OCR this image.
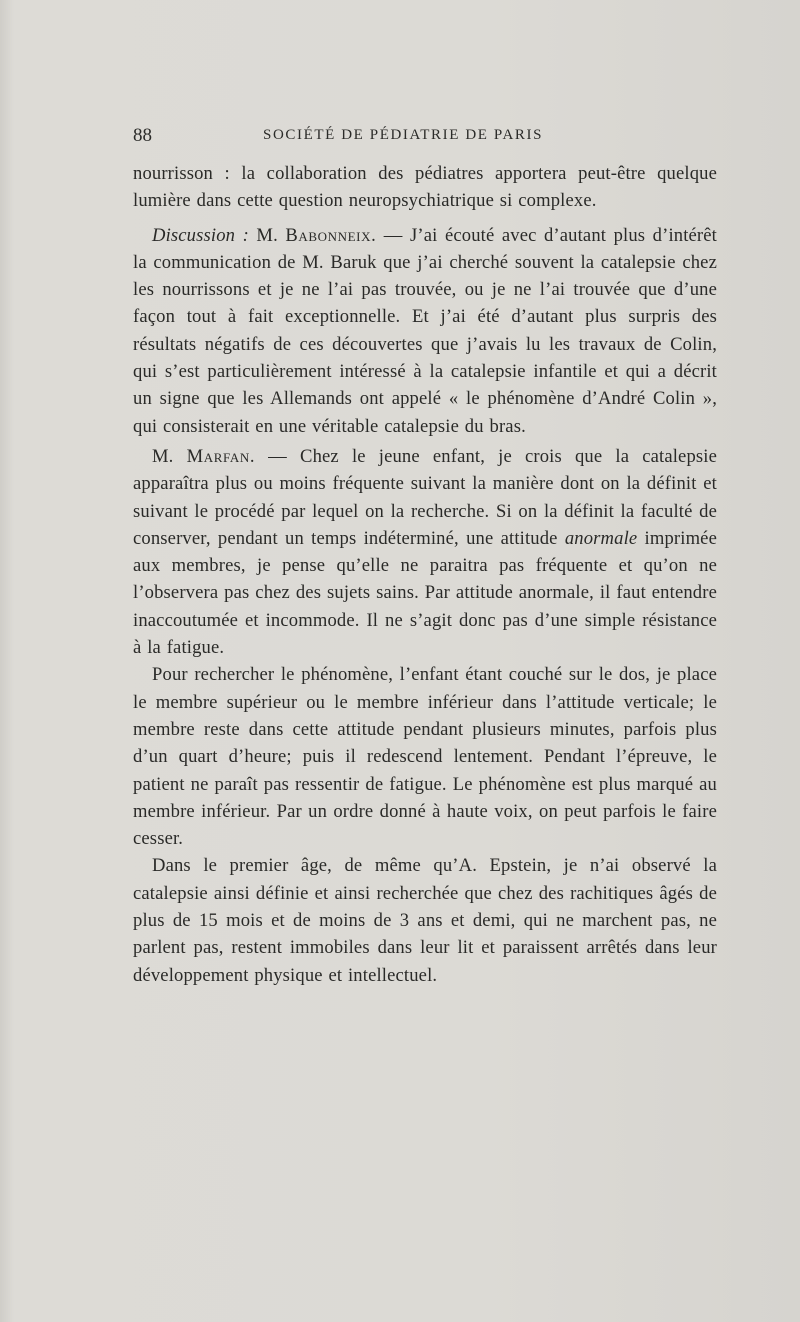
88	SOCIÉTÉ DE PÉDIATRIE DE PARIS

nourrisson : la collaboration des pédiatres apportera peut-être quelque lumière dans cette question neuropsychiatrique si complexe.

Discussion : M. Babonneix. — J’ai écouté avec d’autant plus d’intérêt la communication de M. Baruk que j’ai cherché souvent la catalepsie chez les nourrissons et je ne l’ai pas trouvée, ou je ne l’ai trouvée que d’une façon tout à fait exceptionnelle. Et j’ai été d’autant plus surpris des résultats négatifs de ces découvertes que j’avais lu les travaux de Colin, qui s’est particulièrement intéressé à la catalepsie infantile et qui a décrit un signe que les Allemands ont appelé « le phénomène d’André Colin », qui consisterait en une véritable catalepsie du bras.

M. Marfan. — Chez le jeune enfant, je crois que la catalepsie apparaîtra plus ou moins fréquente suivant la manière dont on la définit et suivant le procédé par lequel on la recherche. Si on la définit la faculté de conserver, pendant un temps indéterminé, une attitude anormale imprimée aux membres, je pense qu’elle ne paraitra pas fréquente et qu’on ne l’observera pas chez des sujets sains. Par attitude anormale, il faut entendre inaccoutumée et incommode. Il ne s’agit donc pas d’une simple résistance à la fatigue.

Pour rechercher le phénomène, l’enfant étant couché sur le dos, je place le membre supérieur ou le membre inférieur dans l’attitude verticale; le membre reste dans cette attitude pendant plusieurs minutes, parfois plus d’un quart d’heure; puis il redescend lentement. Pendant l’épreuve, le patient ne paraît pas ressentir de fatigue. Le phénomène est plus marqué au membre inférieur. Par un ordre donné à haute voix, on peut parfois le faire cesser.

Dans le premier âge, de même qu’A. Epstein, je n’ai observé la catalepsie ainsi définie et ainsi recherchée que chez des rachitiques âgés de plus de 15 mois et de moins de 3 ans et demi, qui ne marchent pas, ne parlent pas, restent immobiles dans leur lit et paraissent arrêtés dans leur développement physique et intellectuel.
